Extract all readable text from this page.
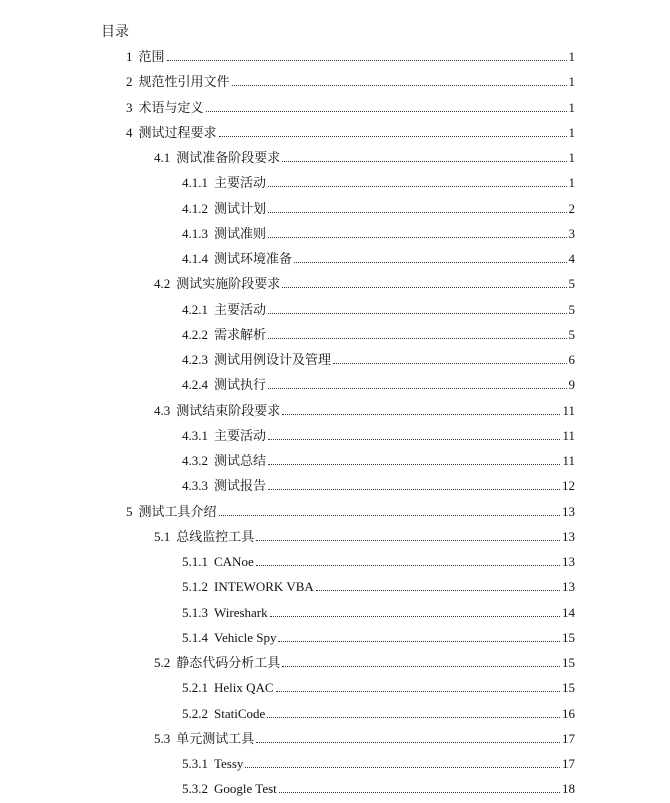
目录
1 范围	1
2 规范性引用文件	1
3 术语与定义	1
4 测试过程要求	1
4.1 测试准备阶段要求	1
4.1.1 主要活动	1
4.1.2 测试计划	2
4.1.3 测试准则	3
4.1.4 测试环境准备	4
4.2 测试实施阶段要求	5
4.2.1 主要活动	5
4.2.2 需求解析	5
4.2.3 测试用例设计及管理	6
4.2.4 测试执行	9
4.3 测试结束阶段要求	11
4.3.1 主要活动	11
4.3.2 测试总结	11
4.3.3 测试报告	12
5 测试工具介绍	13
5.1 总线监控工具	13
5.1.1 CANoe	13
5.1.2 INTEWORK VBA	13
5.1.3 Wireshark	14
5.1.4 Vehicle Spy	15
5.2 静态代码分析工具	15
5.2.1 Helix QAC	15
5.2.2 StatiCode	16
5.3 单元测试工具	17
5.3.1 Tessy	17
5.3.2 Google Test	18
